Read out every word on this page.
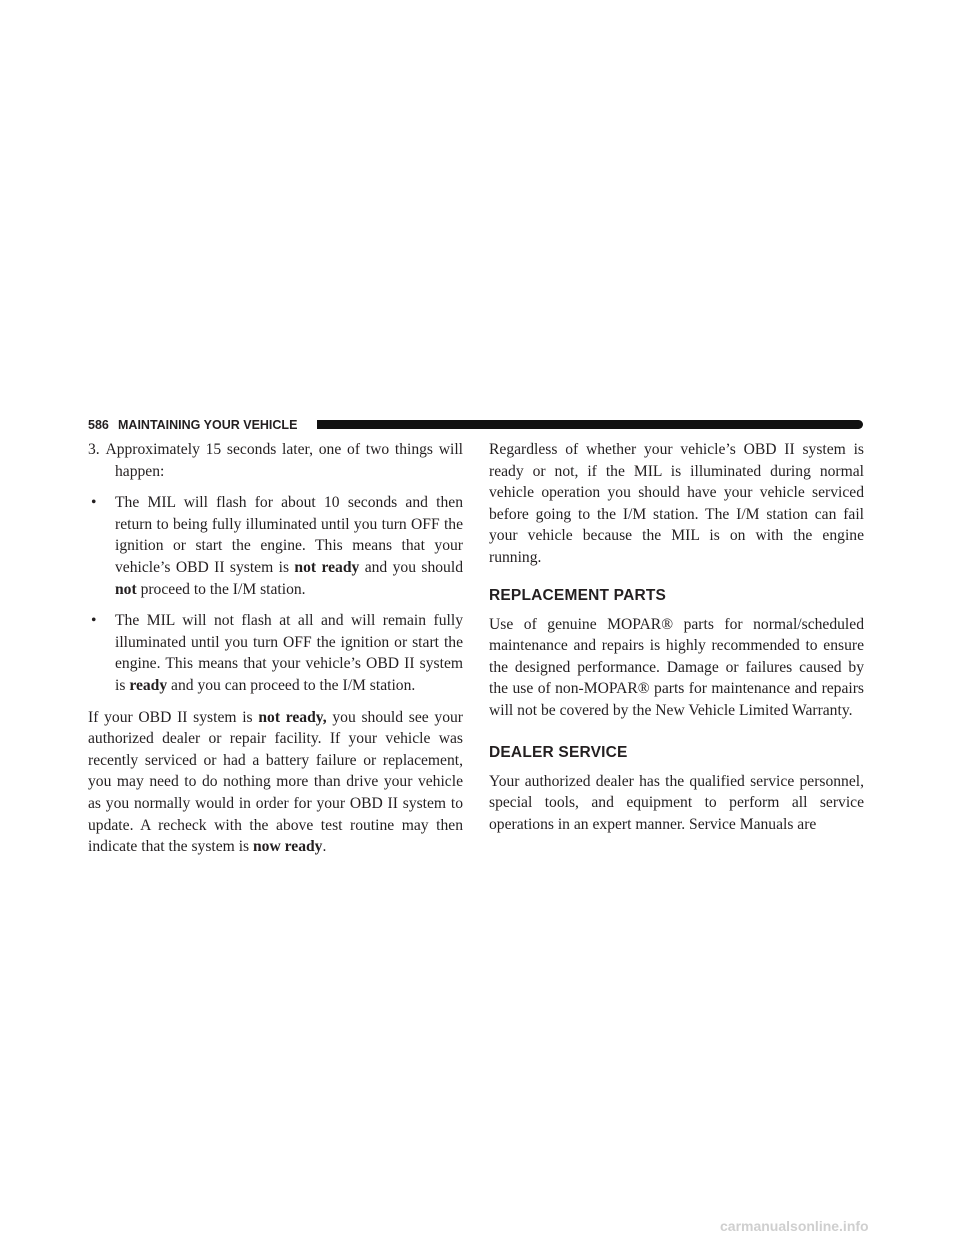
586 MAINTAINING YOUR VEHICLE

3. Approximately 15 seconds later, one of two things will happen:

• The MIL will flash for about 10 seconds and then return to being fully illuminated until you turn OFF the ignition or start the engine. This means that your vehicle’s OBD II system is not ready and you should not proceed to the I/M station.
• The MIL will not flash at all and will remain fully illuminated until you turn OFF the ignition or start the engine. This means that your vehicle’s OBD II system is ready and you can proceed to the I/M station.

If your OBD II system is not ready, you should see your authorized dealer or repair facility. If your vehicle was recently serviced or had a battery failure or replacement, you may need to do nothing more than drive your vehicle as you normally would in order for your OBD II system to update. A recheck with the above test routine may then indicate that the system is now ready.

Regardless of whether your vehicle’s OBD II system is ready or not, if the MIL is illuminated during normal vehicle operation you should have your vehicle serviced before going to the I/M station. The I/M station can fail your vehicle because the MIL is on with the engine running.

REPLACEMENT PARTS

Use of genuine MOPAR® parts for normal/scheduled maintenance and repairs is highly recommended to ensure the designed performance. Damage or failures caused by the use of non-MOPAR® parts for maintenance and repairs will not be covered by the New Vehicle Limited Warranty.

DEALER SERVICE

Your authorized dealer has the qualified service personnel, special tools, and equipment to perform all service operations in an expert manner. Service Manuals are

carmanualsonline.info
